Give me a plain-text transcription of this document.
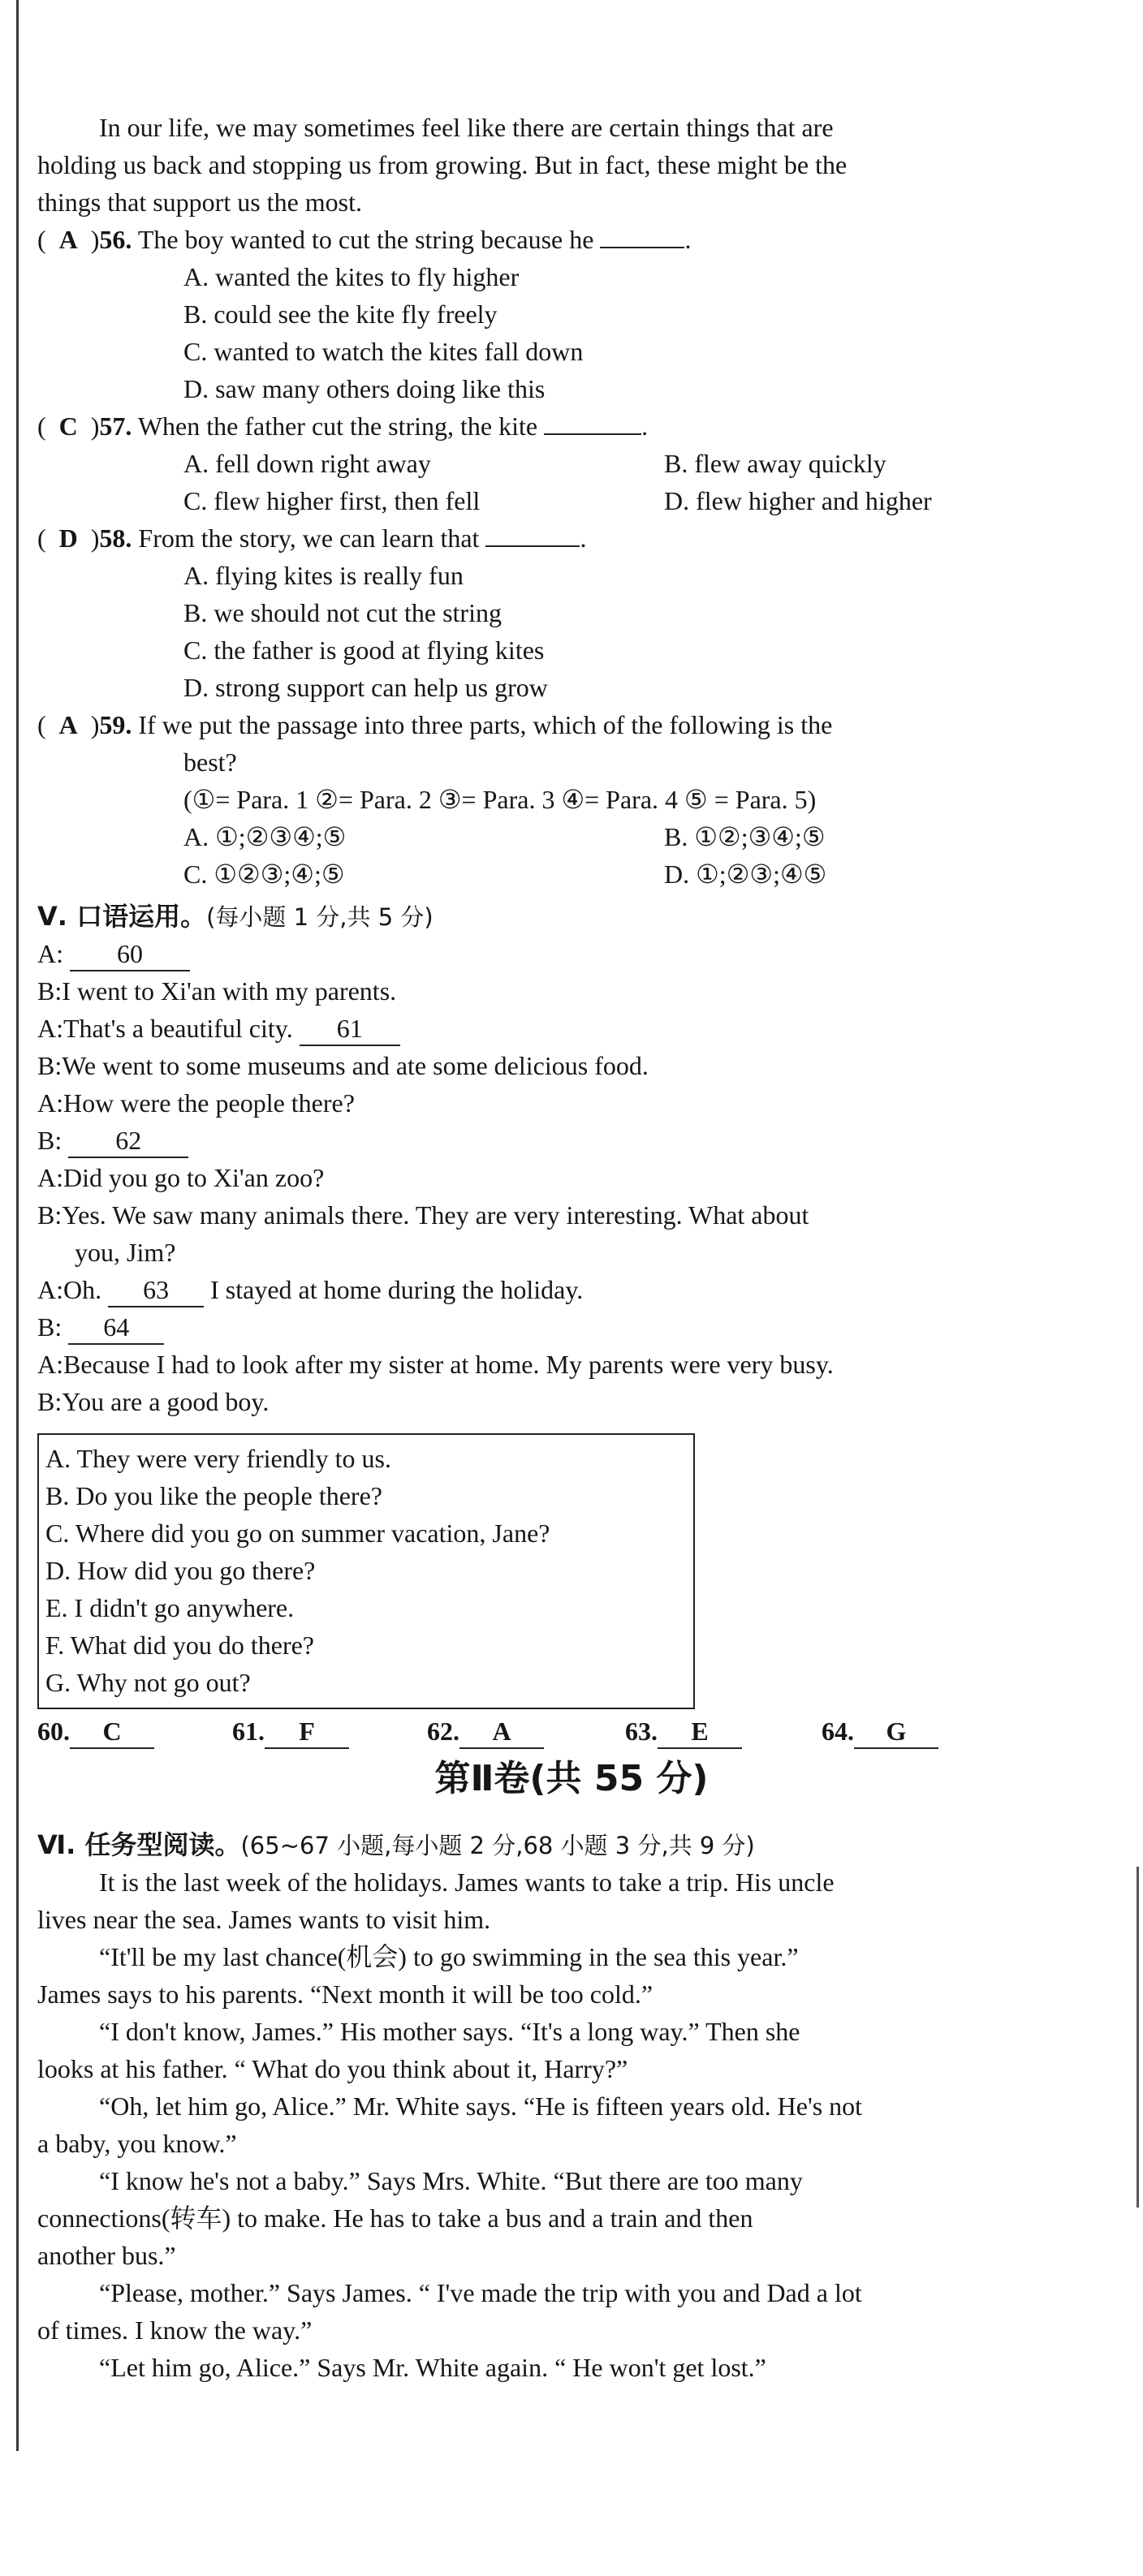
In our life, we may sometimes feel like there are certain things that are
holding us back and stopping us from growing. But in fact, these might be the
things that support us the most.
(  A  )56. The boy wanted to cut the string because he	.
A. wanted the kites to fly higher
B. could see the kite fly freely
C. wanted to watch the kites fall down
D. saw many others doing like this
(  C  )57. When the father cut the string, the kite	.
A. fell down right away	B. flew away quickly
C. flew higher first, then fell	D. flew higher and higher
(  D  )58. From the story, we can learn that	.
A. flying kites is really fun
B. we should not cut the string
C. the father is good at flying kites
D. strong support can help us grow
(  A  )59. If we put the passage into three parts, which of the following is the
best?
(①= Para. 1 ②= Para. 2 ③= Para. 3 ④= Para. 4 ⑤ = Para. 5)
A. ①;②③④;⑤	B. ①②;③④;⑤
C. ①②③;④;⑤	D. ①;②③;④⑤
Ⅴ. 口语运用。(每小题 1 分,共 5 分)
A: 60
B:I went to Xi'an with my parents.
A:That's a beautiful city. 61
B:We went to some museums and ate some delicious food.
A:How were the people there?
B: 62
A:Did you go to Xi'an zoo?
B:Yes. We saw many animals there. They are very interesting. What about
you, Jim?
A:Oh. 63 I stayed at home during the holiday.
B: 64
A:Because I had to look after my sister at home. My parents were very busy.
B:You are a good boy.
A. They were very friendly to us.
B. Do you like the people there?
C. Where did you go on summer vacation, Jane?
D. How did you go there?
E. I didn't go anywhere.
F. What did you do there?
G. Why not go out?
60. C	61. F	62. A	63. E	64. G
第Ⅱ卷(共 55 分)
Ⅵ. 任务型阅读。(65~67 小题,每小题 2 分,68 小题 3 分,共 9 分)
It is the last week of the holidays. James wants to take a trip. His uncle
lives near the sea. James wants to visit him.
“It'll be my last chance(机会) to go swimming in the sea this year.”
James says to his parents. “Next month it will be too cold.”
“I don't know, James.” His mother says. “It's a long way.” Then she
looks at his father. “ What do you think about it, Harry?”
“Oh, let him go, Alice.” Mr. White says. “He is fifteen years old. He's not
a baby, you know.”
“I know he's not a baby.” Says Mrs. White. “But there are too many
connections(转车) to make. He has to take a bus and a train and then
another bus.”
“Please, mother.” Says James. “ I've made the trip with you and Dad a lot
of times. I know the way.”
“Let him go, Alice.” Says Mr. White again. “ He won't get lost.”
